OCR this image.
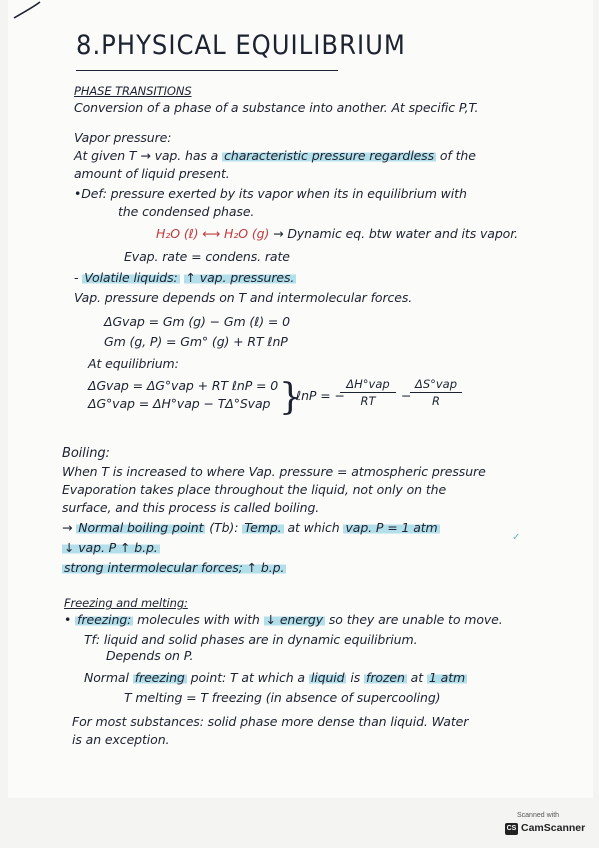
8.PHYSICAL EQUILIBRIUM
PHASE TRANSITIONS
Conversion of a phase of a substance into another. At specific P,T.
Vapor pressure:
At given T → vap. has a characteristic pressure regardless of the
amount of liquid present.
•Def: pressure exerted by its vapor when its in equilibrium with
the condensed phase.
H₂O (ℓ) ⟷ H₂O (g) → Dynamic eq. btw water and its vapor.
Evap. rate = condens. rate
- Volatile liquids: ↑ vap. pressures.
Vap. pressure depends on T and intermolecular forces.
ΔGvap = Gm (g) − Gm (ℓ) = 0
Gm (g, P) = Gm° (g) + RT ℓnP
At equilibrium:
ΔGvap = ΔG°vap + RT ℓnP = 0
ΔG°vap = ΔH°vap − TΔ°Svap }
ℓnP = −
ΔH°vap
RT	−
ΔS°vap
R
Boiling:
When T is increased to where Vap. pressure = atmospheric pressure
Evaporation takes place throughout the liquid, not only on the
surface, and this process is called boiling.
→ Normal boiling point (Tb): Temp. at which vap. P = 1 atm
✓
↓ vap. P ↑ b.p.
strong intermolecular forces; ↑ b.p.
Freezing and melting:
• freezing: molecules with with ↓ energy so they are unable to move.
Tf: liquid and solid phases are in dynamic equilibrium.
Depends on P.
Normal freezing point: T at which a liquid is frozen at 1 atm
T melting = T freezing (in absence of supercooling)
For most substances: solid phase more dense than liquid. Water
is an exception.
Scanned with
CS CamScanner
